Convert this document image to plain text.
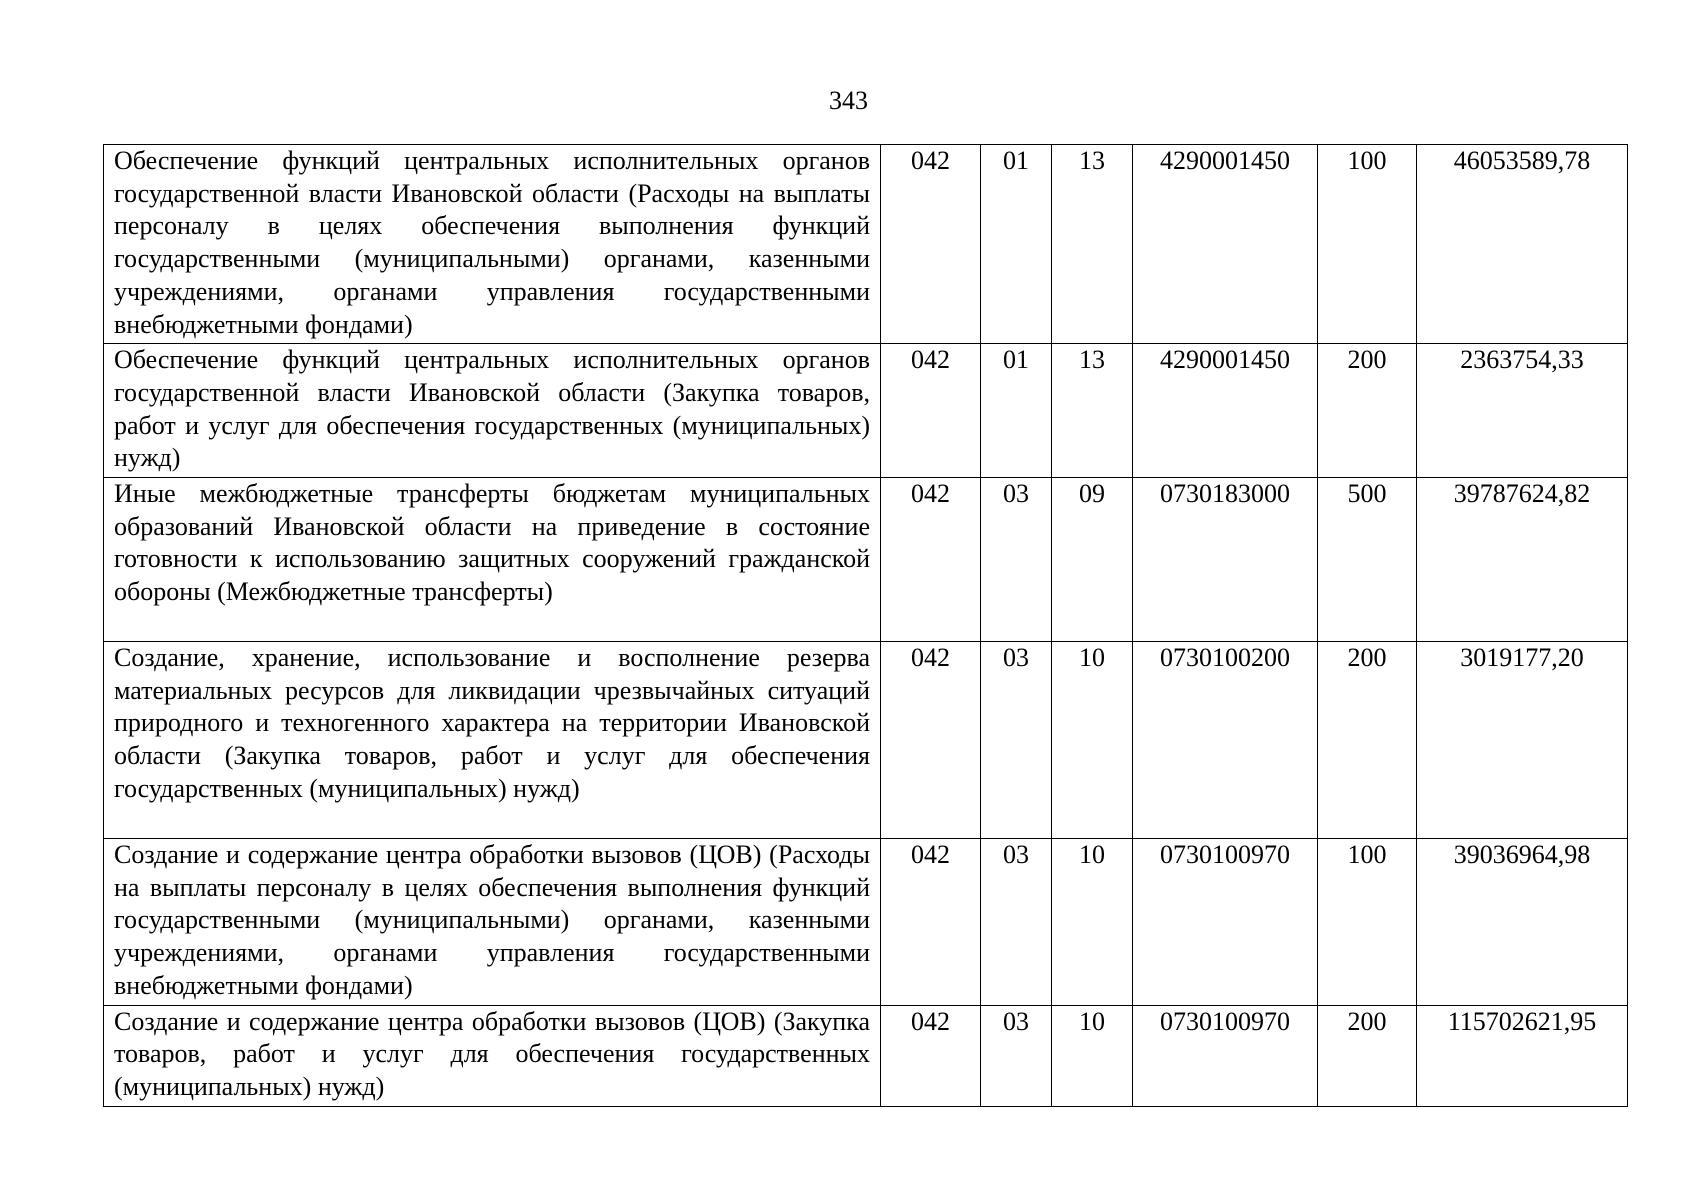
343
Обеспечение функций центральных исполнительных органов государственной власти Ивановской области (Расходы на выплаты персоналу в целях обеспечения выполнения функций государственными (муниципальными) органами, казенными учреждениями, органами управления государственными внебюджетными фондами)	042	01	13	4290001450	100	46053589,78
Обеспечение функций центральных исполнительных органов государственной власти Ивановской области (Закупка товаров, работ и услуг для обеспечения государственных (муниципальных) нужд)	042	01	13	4290001450	200	2363754,33
Иные межбюджетные трансферты бюджетам муниципальных образований Ивановской области на приведение в состояние готовности к использованию защитных сооружений гражданской обороны (Межбюджетные трансферты)	042	03	09	0730183000	500	39787624,82
Создание, хранение, использование и восполнение резерва материальных ресурсов для ликвидации чрезвычайных ситуаций природного и техногенного характера на территории Ивановской области (Закупка товаров, работ и услуг для обеспечения государственных (муниципальных) нужд)	042	03	10	0730100200	200	3019177,20
Создание и содержание центра обработки вызовов (ЦОВ) (Расходы на выплаты персоналу в целях обеспечения выполнения функций государственными (муниципальными) органами, казенными учреждениями, органами управления государственными внебюджетными фондами)	042	03	10	0730100970	100	39036964,98
Создание и содержание центра обработки вызовов (ЦОВ) (Закупка товаров, работ и услуг для обеспечения государственных (муниципальных) нужд)	042	03	10	0730100970	200	115702621,95
